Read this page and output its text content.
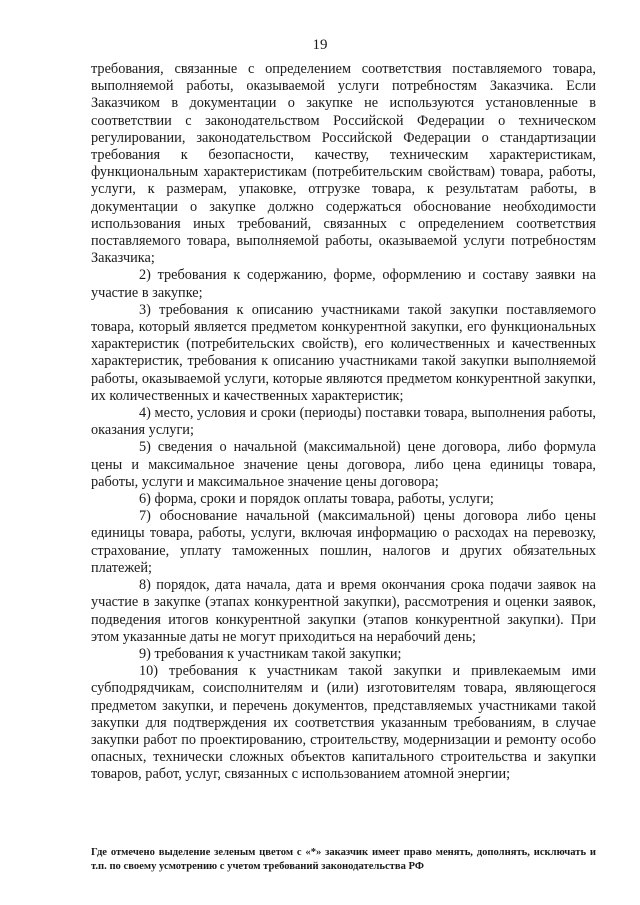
19

требования, связанные с определением соответствия поставляемого товара, выполняемой работы, оказываемой услуги потребностям Заказчика. Если Заказчиком в документации о закупке не используются установленные в соответствии с законодательством Российской Федерации о техническом регулировании, законодательством Российской Федерации о стандартизации требования к безопасности, качеству, техническим характеристикам, функциональным характеристикам (потребительским свойствам) товара, работы, услуги, к размерам, упаковке, отгрузке товара, к результатам работы, в документации о закупке должно содержаться обоснование необходимости использования иных требований, связанных с определением соответствия поставляемого товара, выполняемой работы, оказываемой услуги потребностям Заказчика;

2) требования к содержанию, форме, оформлению и составу заявки на участие в закупке;

3) требования к описанию участниками такой закупки поставляемого товара, который является предметом конкурентной закупки, его функциональных характеристик (потребительских свойств), его количественных и качественных характеристик, требования к описанию участниками такой закупки выполняемой работы, оказываемой услуги, которые являются предметом конкурентной закупки, их количественных и качественных характеристик;

4) место, условия и сроки (периоды) поставки товара, выполнения работы, оказания услуги;

5) сведения о начальной (максимальной) цене договора, либо формула цены и максимальное значение цены договора, либо цена единицы товара, работы, услуги и максимальное значение цены договора;

6) форма, сроки и порядок оплаты товара, работы, услуги;

7) обоснование начальной (максимальной) цены договора либо цены единицы товара, работы, услуги, включая информацию о расходах на перевозку, страхование, уплату таможенных пошлин, налогов и других обязательных платежей;

8) порядок, дата начала, дата и время окончания срока подачи заявок на участие в закупке (этапах конкурентной закупки), рассмотрения и оценки заявок, подведения итогов конкурентной закупки (этапов конкурентной закупки). При этом указанные даты не могут приходиться на нерабочий день;

9) требования к участникам такой закупки;

10) требования к участникам такой закупки и привлекаемым ими субподрядчикам, соисполнителям и (или) изготовителям товара, являющегося предметом закупки, и перечень документов, представляемых участниками такой закупки для подтверждения их соответствия указанным требованиям, в случае закупки работ по проектированию, строительству, модернизации и ремонту особо опасных, технически сложных объектов капитального строительства и закупки товаров, работ, услуг, связанных с использованием атомной энергии;

Где отмечено выделение зеленым цветом с «*» заказчик имеет право менять, дополнять, исключать и т.п. по своему усмотрению с учетом требований законодательства РФ
